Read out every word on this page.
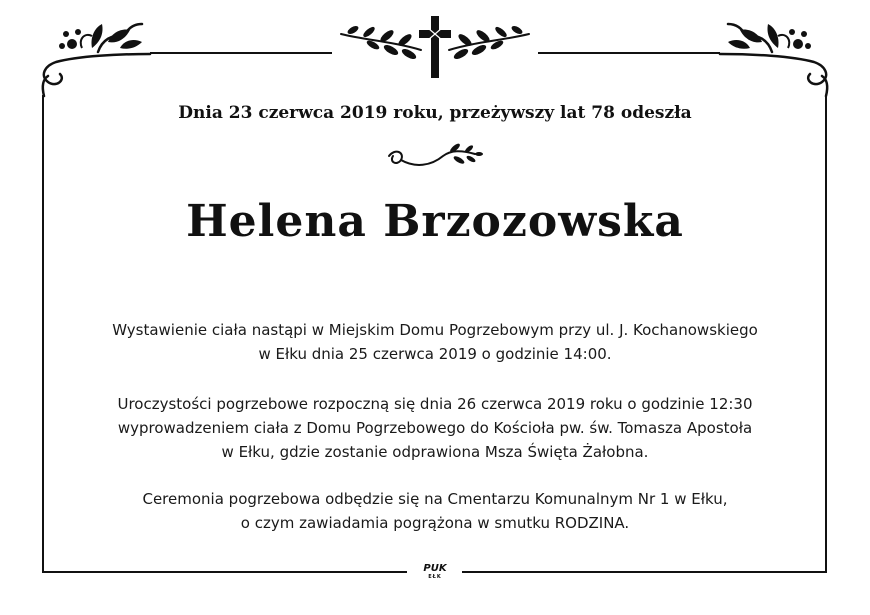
Dnia 23 czerwca 2019 roku, przeżywszy lat 78 odeszła
Helena Brzozowska
Wystawienie ciała nastąpi w Miejskim Domu Pogrzebowym przy ul. J. Kochanowskiego
w Ełku dnia 25 czerwca 2019 o godzinie 14:00.
Uroczystości pogrzebowe rozpoczną się dnia 26 czerwca 2019 roku o godzinie 12:30
wyprowadzeniem ciała z Domu Pogrzebowego do Kościoła pw. św. Tomasza Apostoła
w Ełku, gdzie zostanie odprawiona Msza Święta Żałobna.
Ceremonia pogrzebowa odbędzie się na Cmentarzu Komunalnym Nr 1 w Ełku,
o czym zawiadamia pogrążona w smutku RODZINA.
PUK
EŁK
